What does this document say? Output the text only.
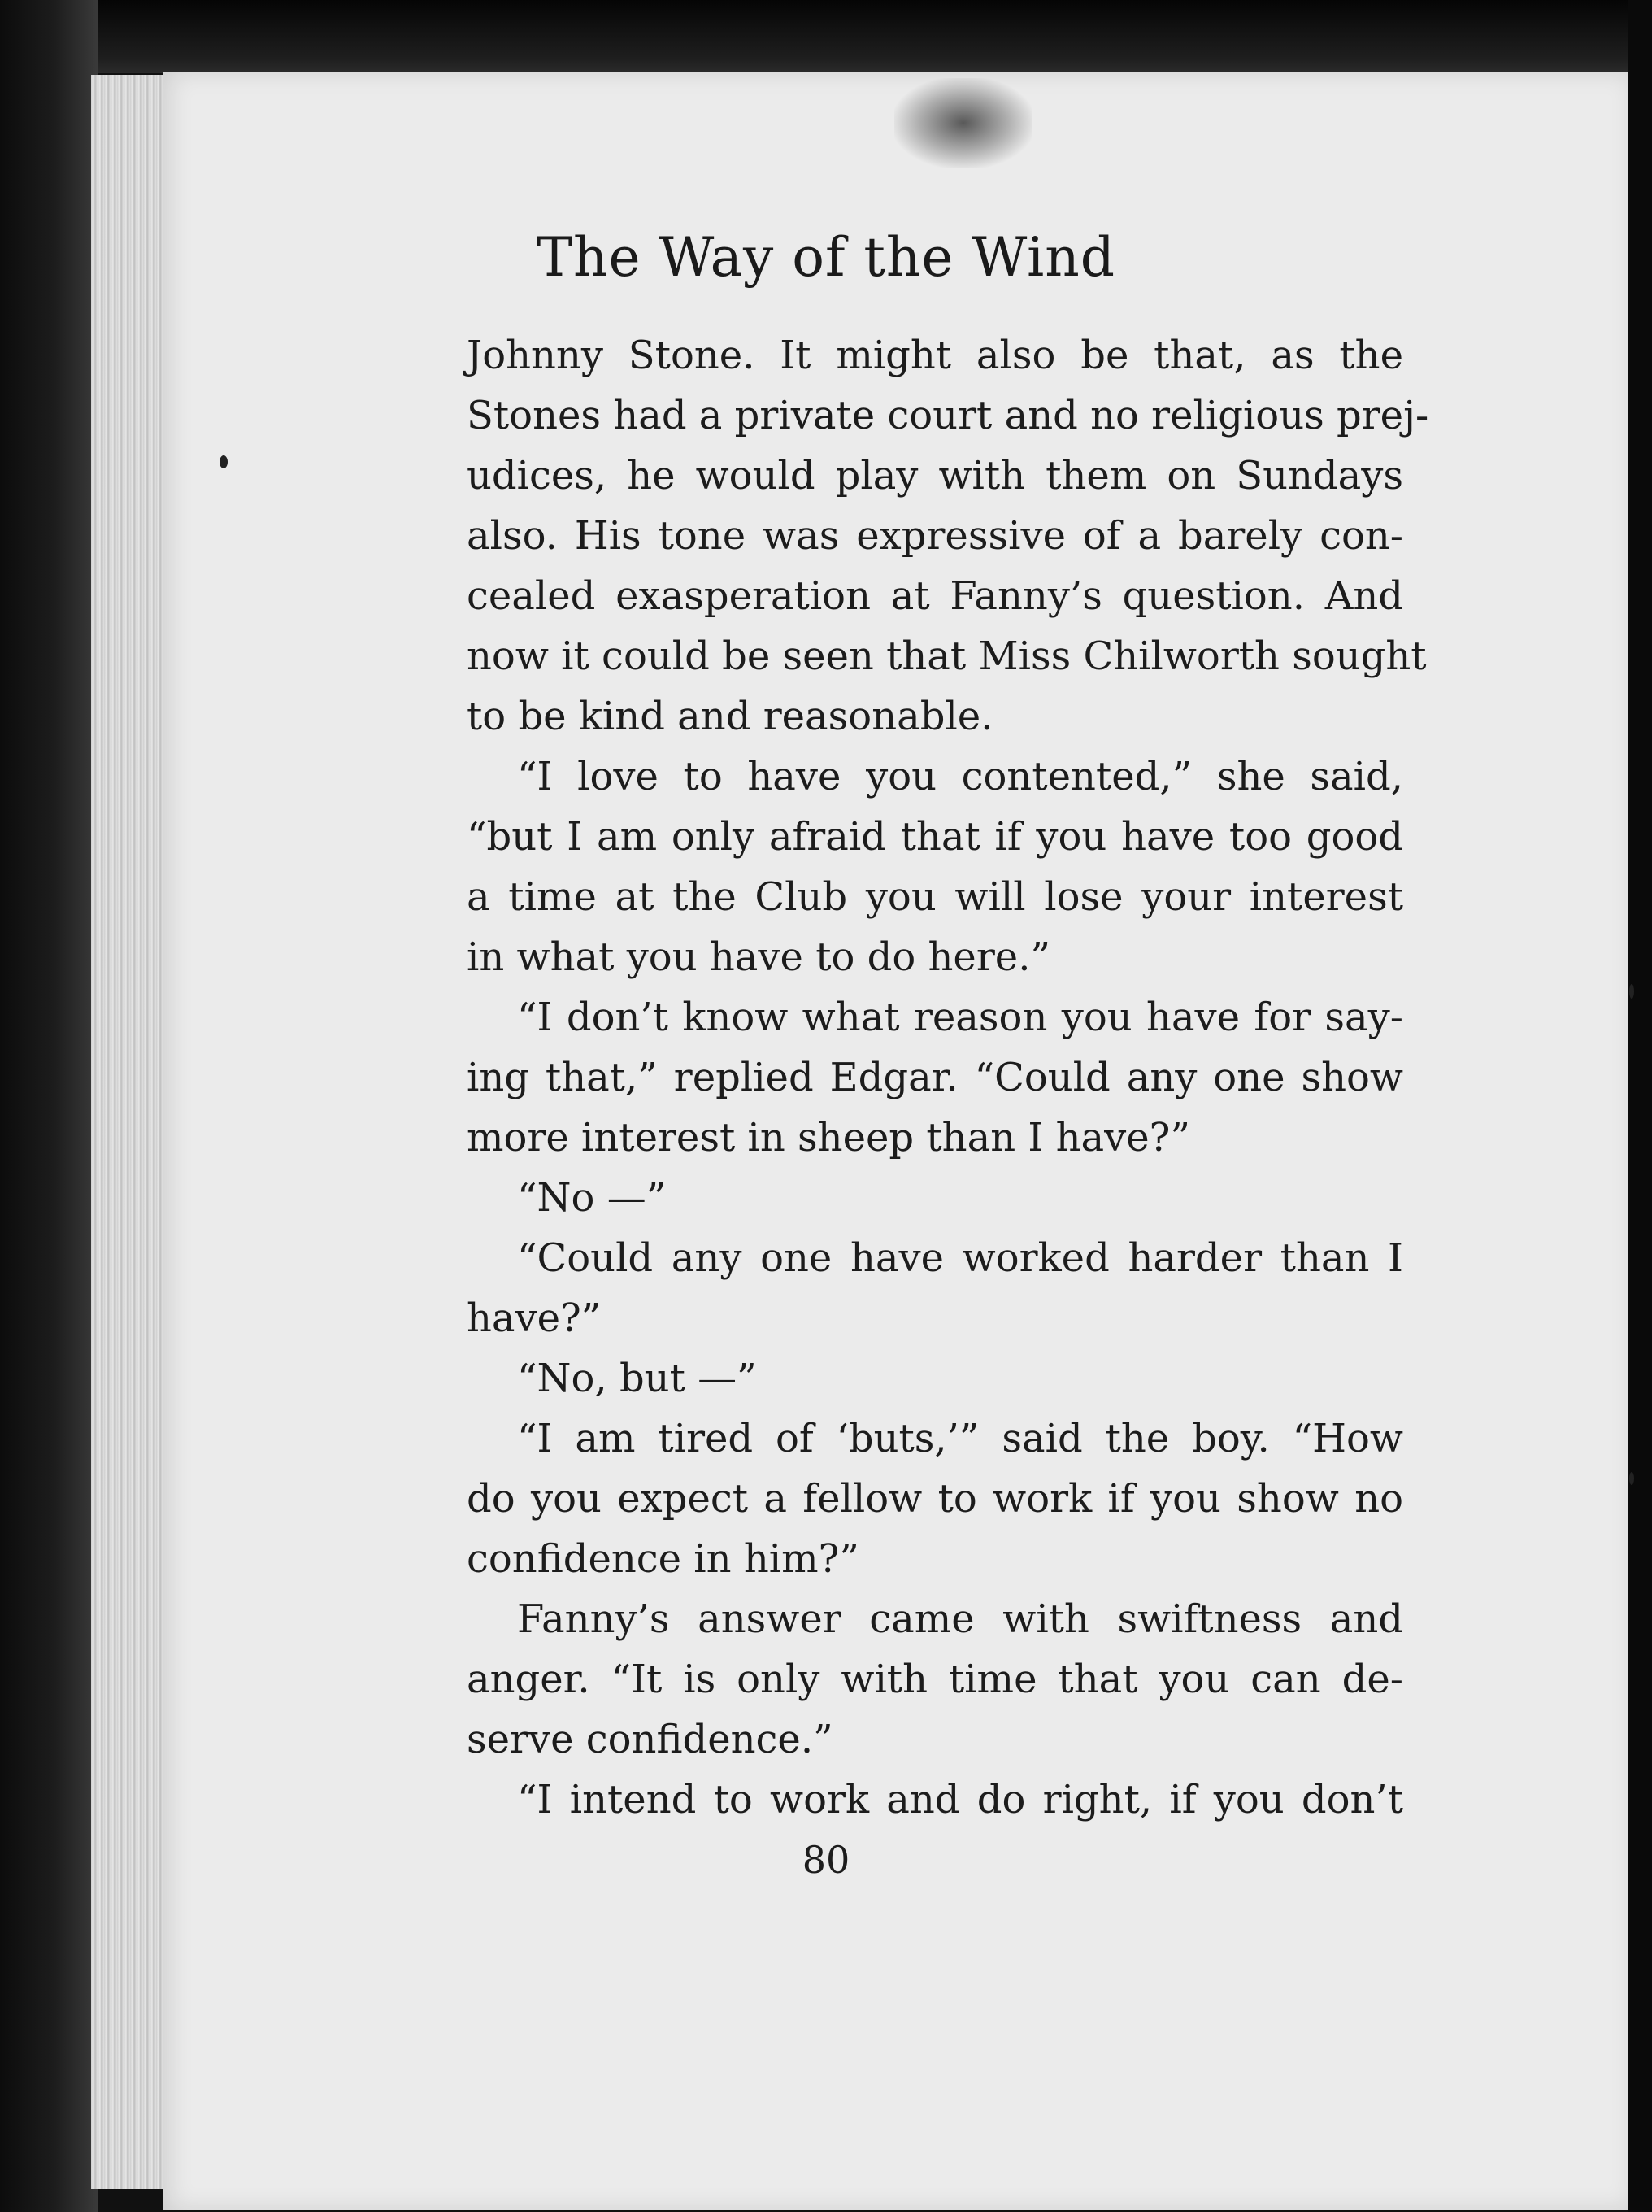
The Way of the Wind
Johnny Stone. It might also be that, as the
Stones had a private court and no religious prej-
udices, he would play with them on Sundays
also. His tone was expressive of a barely con-
cealed exasperation at Fanny’s question. And
now it could be seen that Miss Chilworth sought
to be kind and reasonable.
“I love to have you contented,” she said,
“but I am only afraid that if you have too good
a time at the Club you will lose your interest
in what you have to do here.”
“I don’t know what reason you have for say-
ing that,” replied Edgar. “Could any one show
more interest in sheep than I have?”
“No —”
“Could any one have worked harder than I
have?”
“No, but —”
“I am tired of ‘buts,’” said the boy. “How
do you expect a fellow to work if you show no
confidence in him?”
Fanny’s answer came with swiftness and
anger. “It is only with time that you can de-
serve confidence.”
“I intend to work and do right, if you don’t
80
